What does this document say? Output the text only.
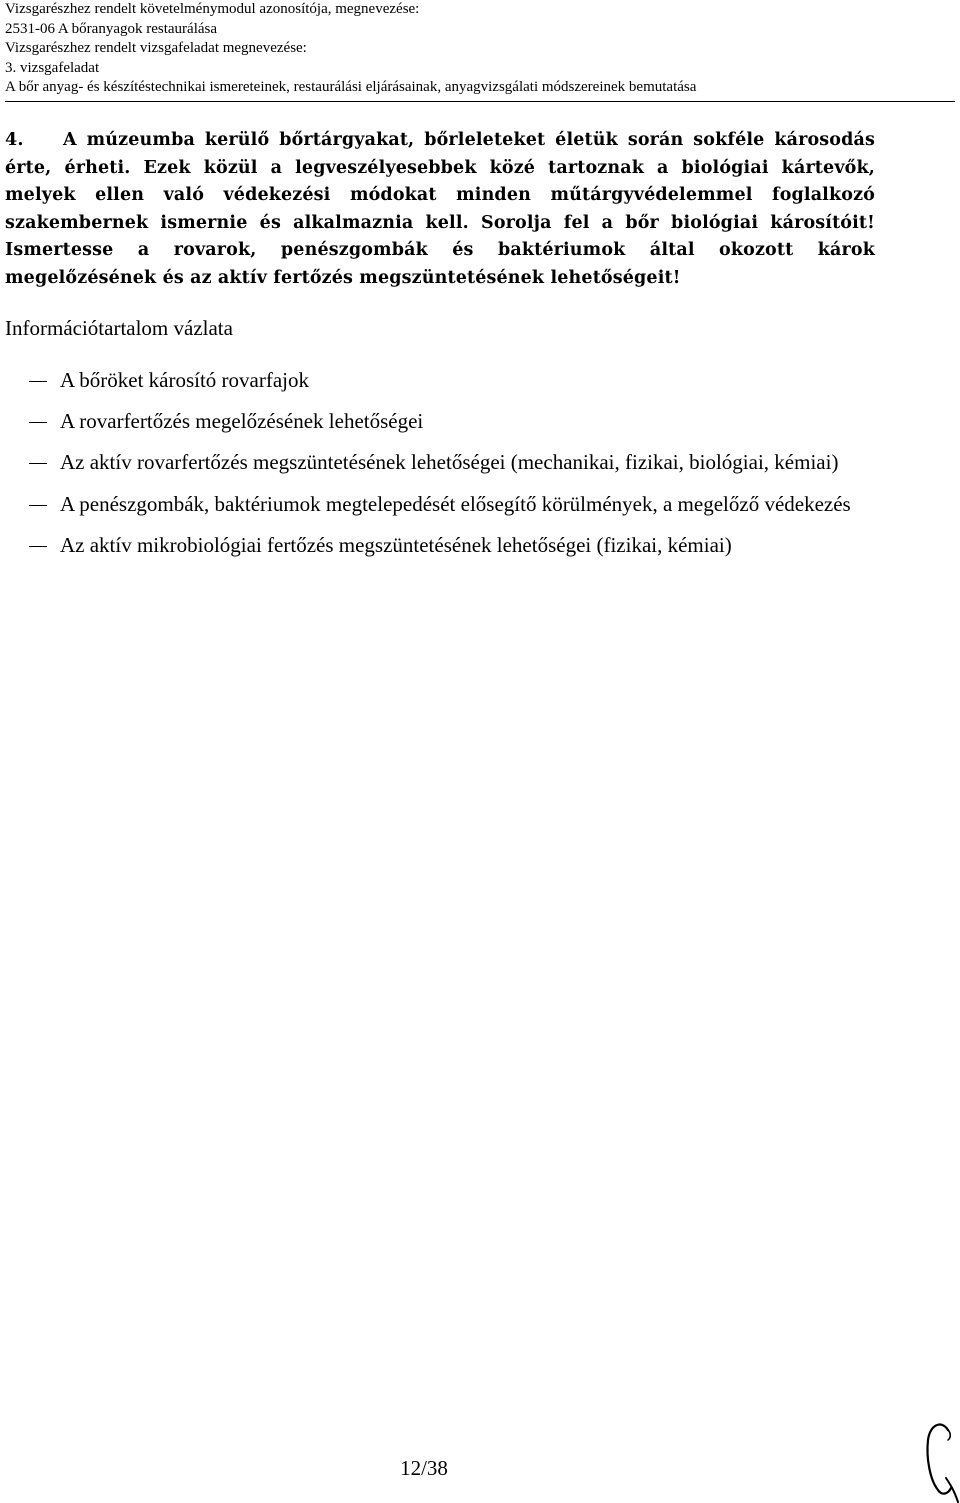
Vizsgarészhez rendelt követelménymodul azonosítója, megnevezése:
2531-06 A bőranyagok restaurálása
Vizsgarészhez rendelt vizsgafeladat megnevezése:
3. vizsgafeladat
A bőr anyag- és készítéstechnikai ismereteinek, restaurálási eljárásainak, anyagvizsgálati módszereinek bemutatása
4. A múzeumba kerülő bőrtárgyakat, bőrleleteket életük során sokféle károsodás érte, érheti. Ezek közül a legveszélyesebbek közé tartoznak a biológiai kártevők, melyek ellen való védekezési módokat minden műtárgyvédelemmel foglalkozó szakembernek ismernie és alkalmaznia kell. Sorolja fel a bőr biológiai károsítóit! Ismertesse a rovarok, penészgombák és baktériumok által okozott károk megelőzésének és az aktív fertőzés megszüntetésének lehetőségeit!
Információtartalom vázlata
A bőröket károsító rovarfajok
A rovarfertőzés megelőzésének lehetőségei
Az aktív rovarfertőzés megszüntetésének lehetőségei (mechanikai, fizikai, biológiai, kémiai)
A penészgombák, baktériumok megtelepedését elősegítő körülmények, a megelőző védekezés
Az aktív mikrobiológiai fertőzés megszüntetésének lehetőségei (fizikai, kémiai)
12/38
